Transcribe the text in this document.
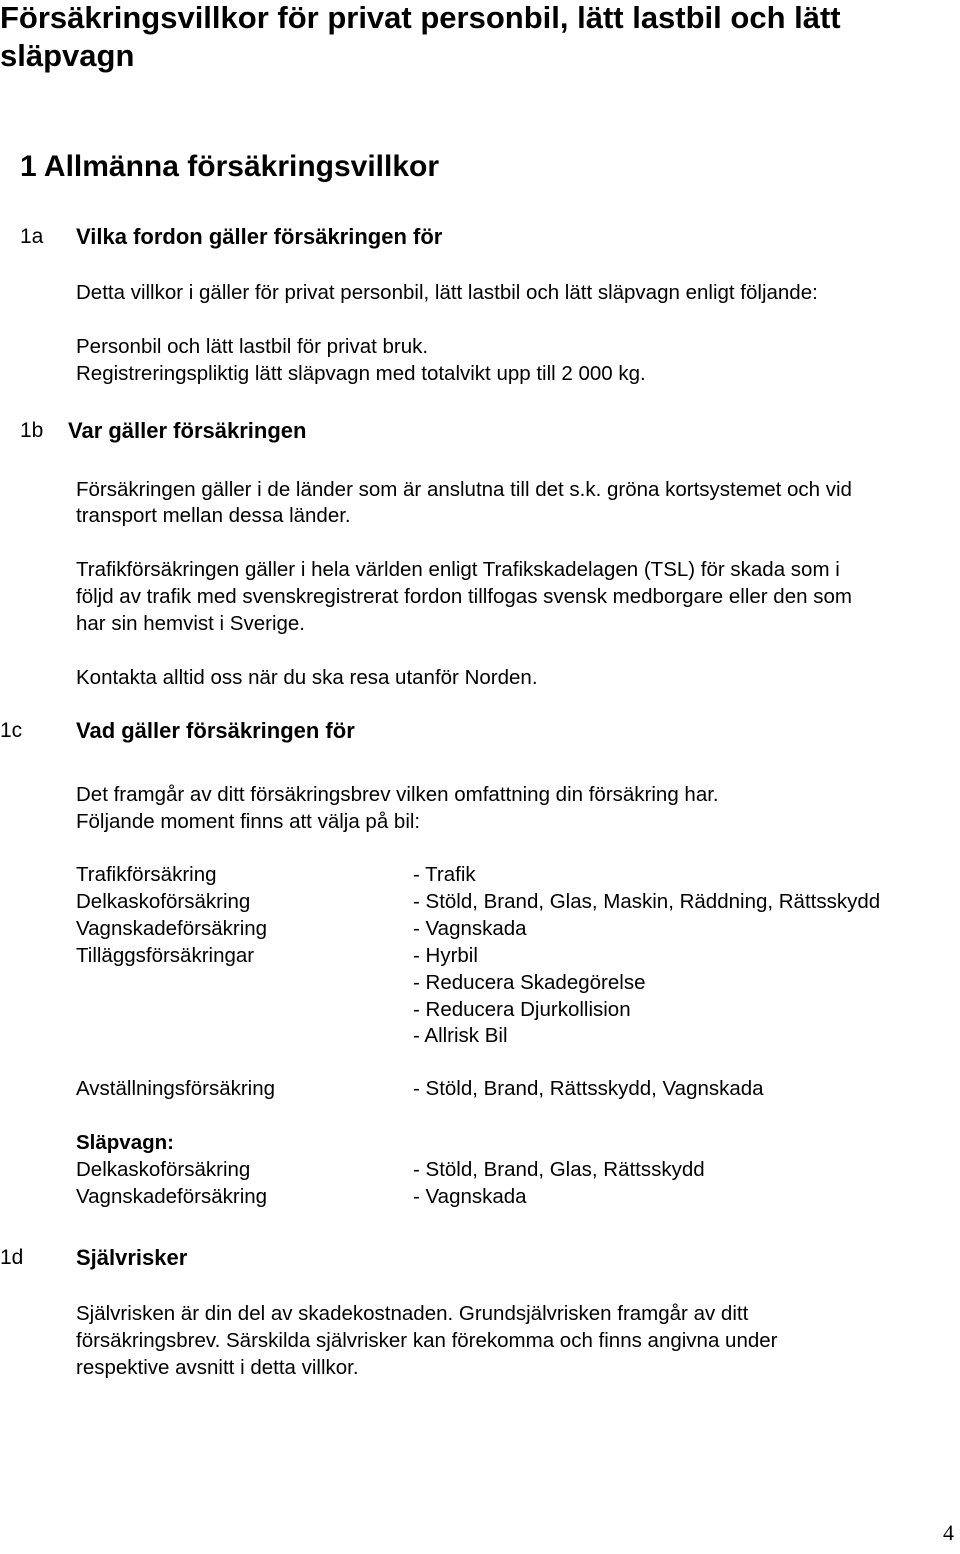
Försäkringsvillkor för privat personbil, lätt lastbil och lätt
släpvagn
1 Allmänna försäkringsvillkor
1a Vilka fordon gäller försäkringen för
Detta villkor i gäller för privat personbil, lätt lastbil och lätt släpvagn enligt följande:
Personbil och lätt lastbil för privat bruk.
Registreringspliktig lätt släpvagn med totalvikt upp till 2 000 kg.
1b Var gäller försäkringen
Försäkringen gäller i de länder som är anslutna till det s.k. gröna kortsystemet och vid
transport mellan dessa länder.
Trafikförsäkringen gäller i hela världen enligt Trafikskadelagen (TSL) för skada som i
följd av trafik med svenskregistrerat fordon tillfogas svensk medborgare eller den som
har sin hemvist i Sverige.
Kontakta alltid oss när du ska resa utanför Norden.
1c Vad gäller försäkringen för
Det framgår av ditt försäkringsbrev vilken omfattning din försäkring har.
Följande moment finns att välja på bil:
Trafikförsäkring	- Trafik
Delkaskoförsäkring	- Stöld, Brand, Glas, Maskin, Räddning, Rättsskydd
Vagnskadeförsäkring	- Vagnskada
Tilläggsförsäkringar	- Hyrbil
- Reducera Skadegörelse
- Reducera Djurkollision
- Allrisk Bil
Avställningsförsäkring	- Stöld, Brand, Rättsskydd, Vagnskada
Släpvagn:
Delkaskoförsäkring	- Stöld, Brand, Glas, Rättsskydd
Vagnskadeförsäkring	- Vagnskada
1d Självrisker
Självrisken är din del av skadekostnaden. Grundsjälvrisken framgår av ditt
försäkringsbrev. Särskilda självrisker kan förekomma och finns angivna under
respektive avsnitt i detta villkor.
4
